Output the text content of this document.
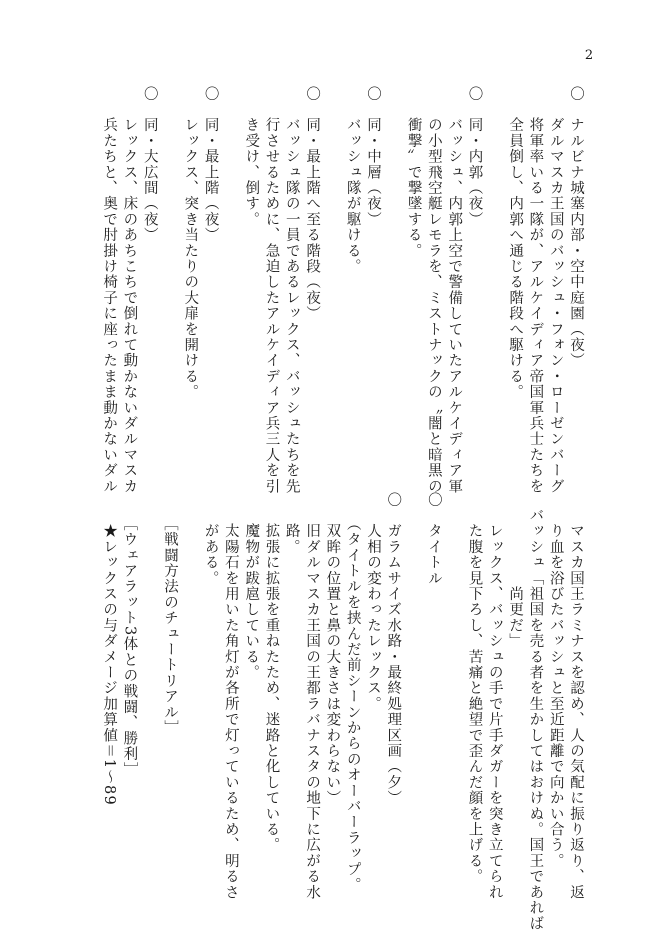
2
〇　ナルビナ城塞内部・空中庭園（夜）
　　ダルマスカ王国のバッシュ・フォン・ローゼンバーグ
　　将軍率いる一隊が、アルケイディア帝国軍兵士たちを
　　全員倒し、内郭へ通じる階段へ駆ける。
〇　同・内郭（夜）
　　バッシュ、内郭上空で警備していたアルケイディア軍
　　の小型飛空艇レモラを、ミストナックの〝闇と暗黒の
　　衝撃〟で撃墜する。
〇　同・中層（夜）
　　バッシュ隊が駆ける。
〇　同・最上階へ至る階段（夜）
　　バッシュ隊の一員であるレックス、バッシュたちを先
　　行させるために、急迫したアルケイディア兵三人を引
　　き受け、倒す。
〇　同・最上階（夜）
　　レックス、突き当たりの大扉を開ける。
〇　同・大広間（夜）
　　レックス、床のあちこちで倒れて動かないダルマスカ
　　兵たちと、奥で肘掛け椅子に座ったまま動かないダル
　　マスカ国王ラミナスを認め、人の気配に振り返り、返
　　り血を浴びたバッシュと至近距離で向かい合う。
　バッシュ「祖国を売る者を生かしてはおけぬ。国王であれば
　　　　　　尚更だ」
　　レックス、バッシュの手で片手ダガーを突き立てられ
　　た腹を見下ろし、苦痛と絶望で歪んだ顔を上げる。
〇　タイトル
〇　ガラムサイズ水路・最終処理区画（夕）
　　人相の変わったレックス。
　　（タイトルを挟んだ前シーンからのオーバーラップ。
　　双眸の位置と鼻の大きさは変わらない）
　　旧ダルマスカ王国の王都ラバナスタの地下に広がる水
　　路。
　　拡張に拡張を重ねたため、迷路と化している。
　　魔物が跋扈している。
　　太陽石を用いた角灯が各所で灯っているため、明るさ
　　がある。
　　［戦闘方法のチュートリアル］
　　［ウェアラット3体との戦闘、勝利］
　　★レックスの与ダメージ加算値＝1～89
